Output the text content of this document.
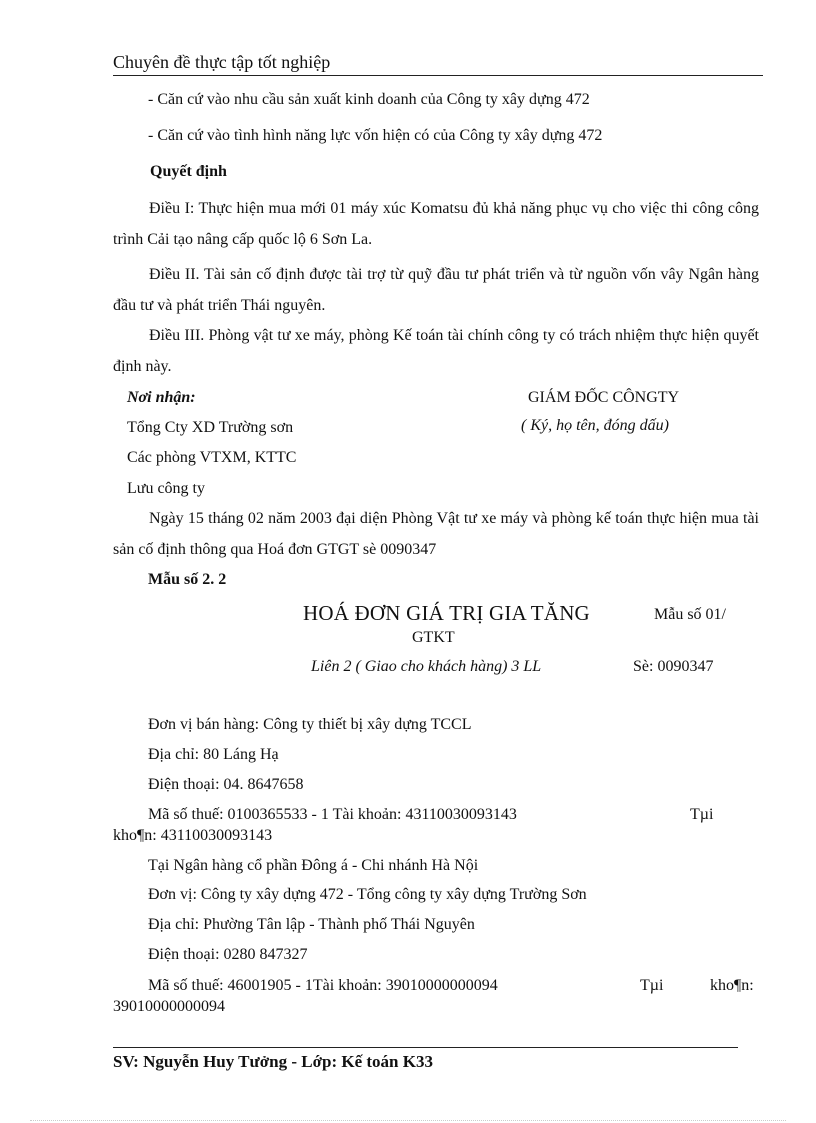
Chuyên đề thực tập tốt nghiệp
- Căn cứ vào nhu cầu sản xuất kinh doanh của Công ty xây dựng 472
- Căn cứ vào tình hình năng lực vốn hiện có của Công ty xây dựng 472
Quyết định
Điều I: Thực hiện mua mới 01 máy xúc Komatsu đủ khả năng phục vụ cho việc thi công công trình Cải tạo nâng cấp quốc lộ 6 Sơn La.
Điều II. Tài sản cố định được tài trợ từ quỹ đầu tư phát triển và từ nguồn vốn vây Ngân hàng đầu tư và phát triển Thái nguyên.
Điều III. Phòng vật tư xe máy, phòng Kế toán tài chính công ty có trách nhiệm thực hiện quyết định này.
Nơi nhận:
Tổng Cty XD Trường sơn
Các phòng VTXM, KTTC
Lưu công ty
GIÁM ĐỐC CÔNGTY
( Ký, họ tên, đóng dấu)
Ngày 15 tháng 02 năm 2003 đại diện Phòng Vật tư xe máy và phòng kế toán thực hiện mua tài sản cố định thông qua Hoá đơn GTGT sè 0090347
Mẫu số 2. 2
HOÁ ĐƠN GIÁ TRỊ GIA TĂNG	Mẫu số 01/
GTKT
Liên 2 ( Giao cho khách hàng) 3 LL	Sè: 0090347
Đơn vị bán hàng: Công ty thiết bị xây dựng TCCL
Địa chỉ: 80 Láng Hạ
Điện thoại: 04. 8647658
Mã số thuế: 0100365533 - 1 Tài khoản: 43110030093143	Tµi
kho¶n: 43110030093143
Tại Ngân hàng cổ phần Đông á - Chi nhánh Hà Nội
Đơn vị: Công ty xây dựng 472 - Tổng công ty xây dựng Trường Sơn
Địa chỉ: Phường Tân lập - Thành phố Thái Nguyên
Điện thoại: 0280 847327
Mã số thuế: 46001905 - 1Tài khoản: 39010000000094	Tµi	kho¶n:
39010000000094
SV: Nguyễn Huy Tưởng - Lớp: Kế toán K33
